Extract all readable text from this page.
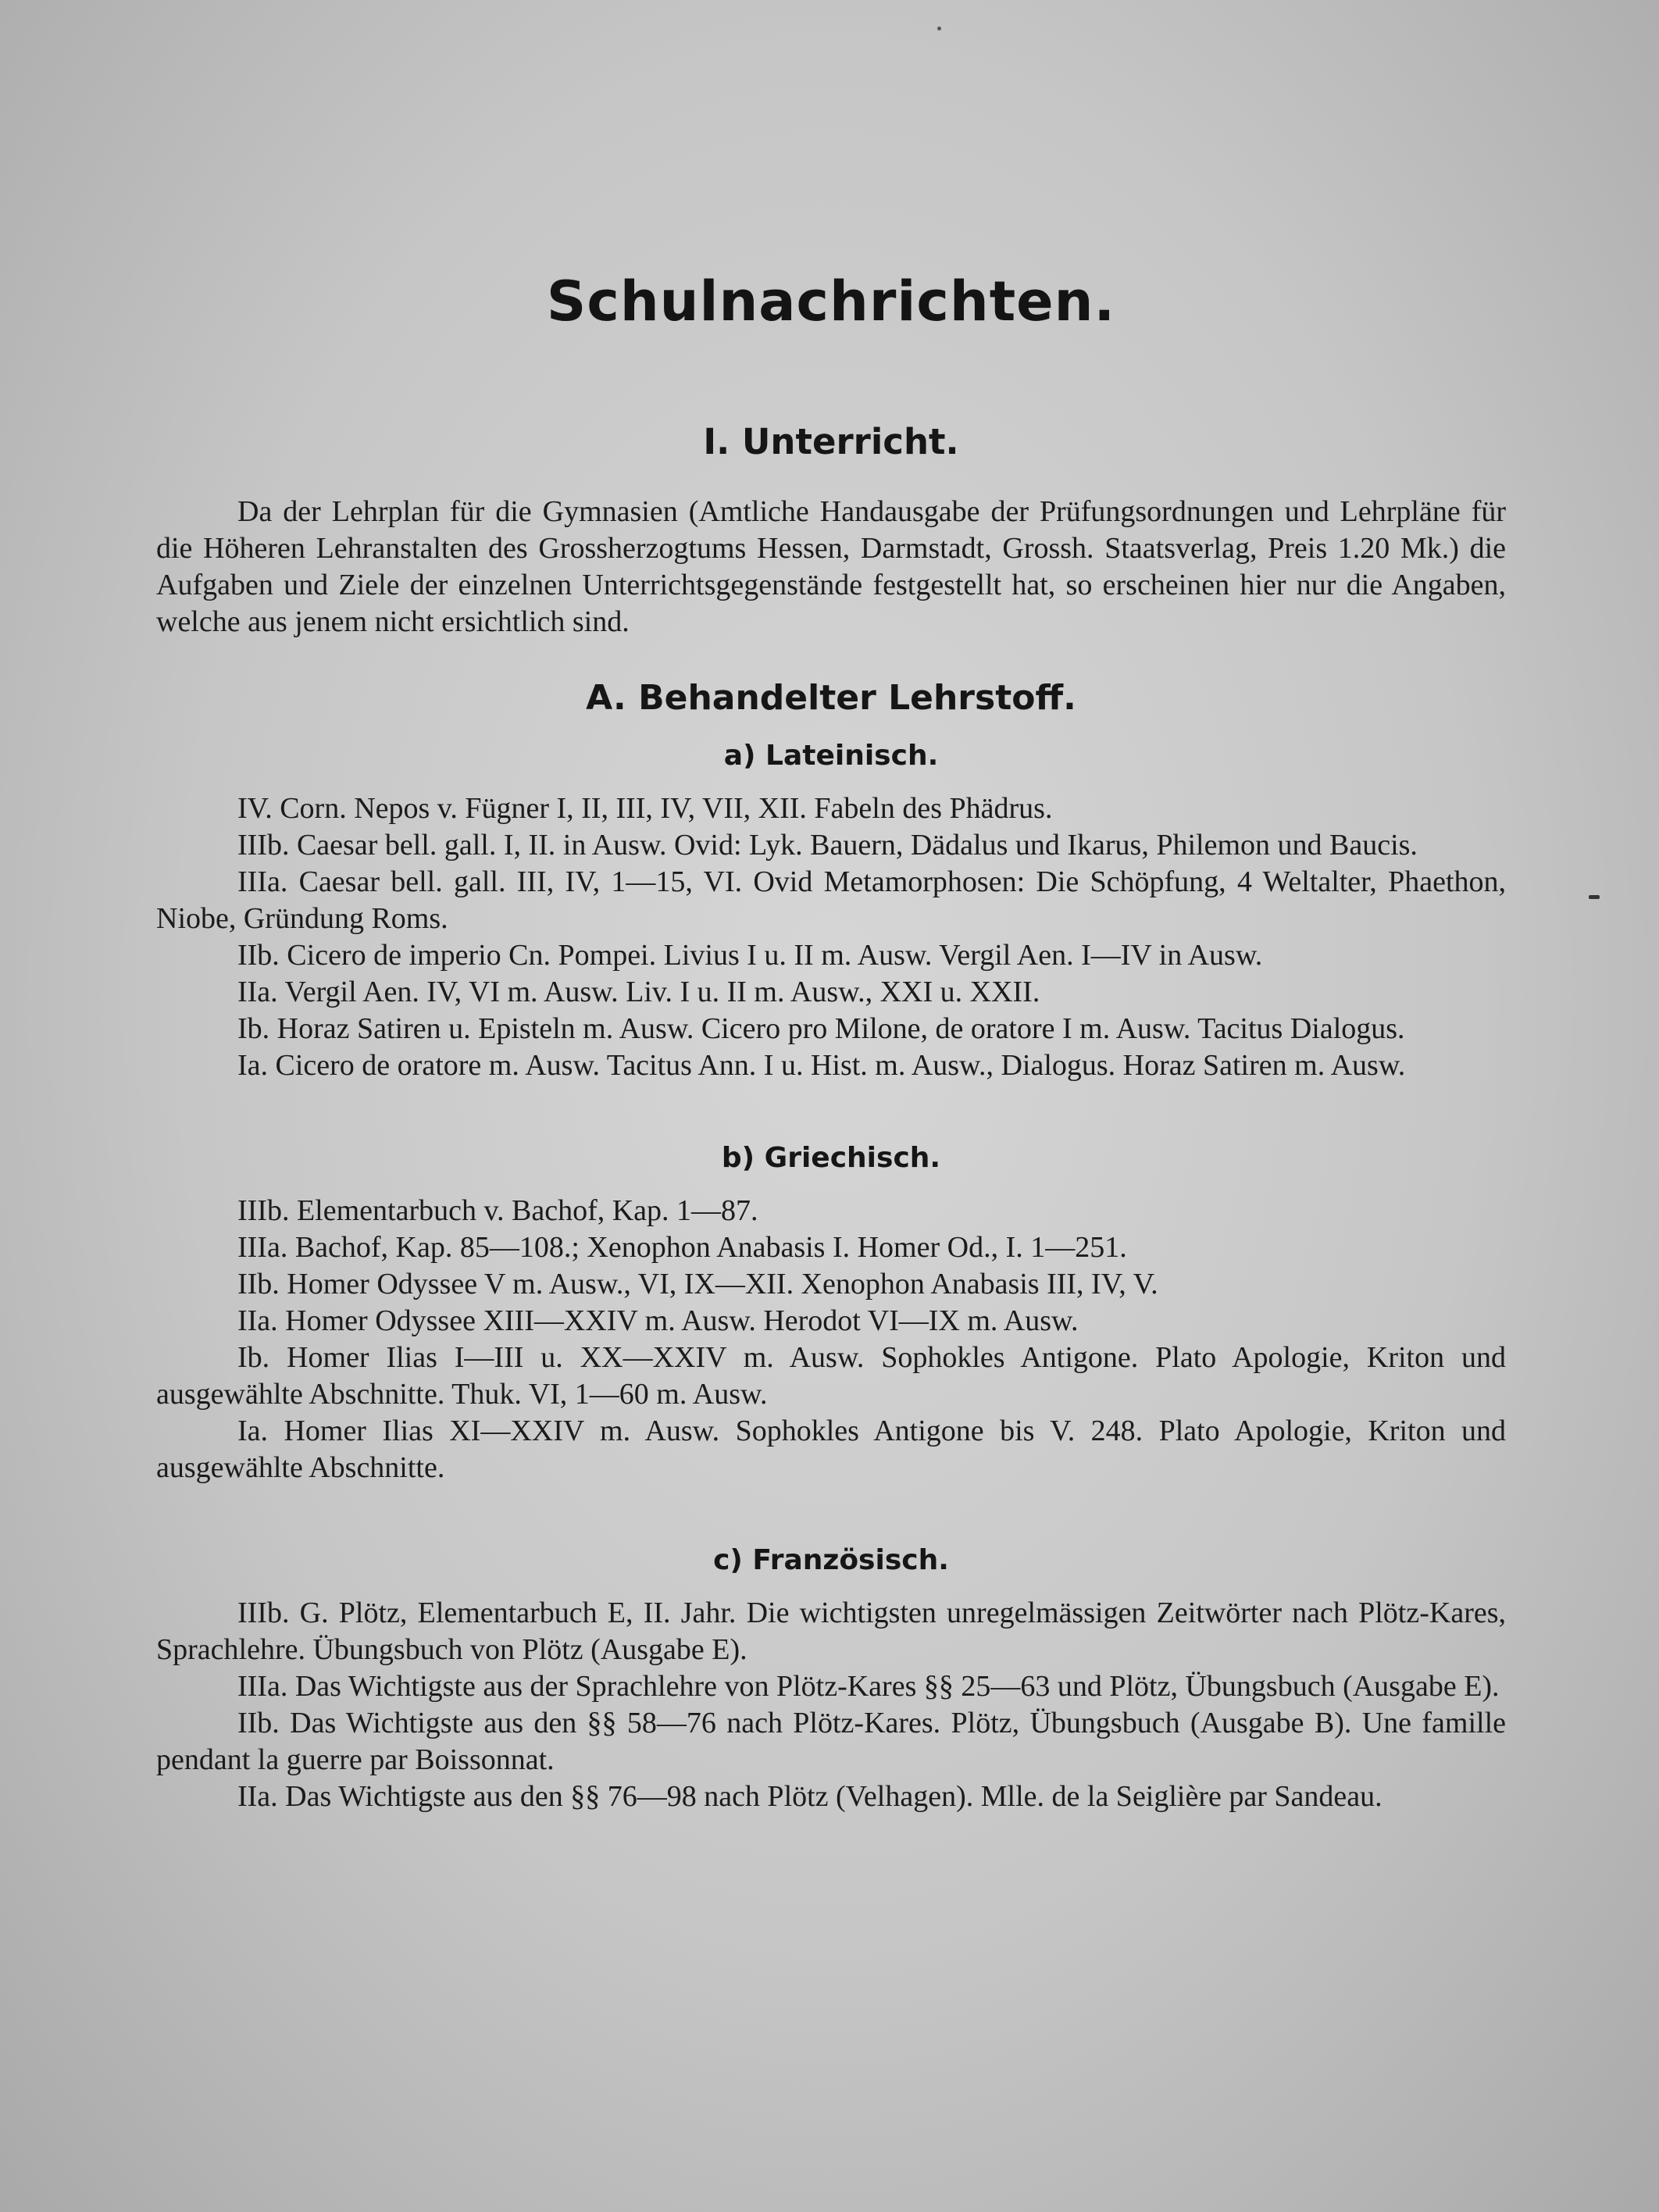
Schulnachrichten.
I. Unterricht.

Da der Lehrplan für die Gymnasien (Amtliche Handausgabe der Prüfungsordnungen und Lehrpläne für die Höheren Lehranstalten des Grossherzogtums Hessen, Darmstadt, Grossh. Staatsverlag, Preis 1.20 Mk.) die Aufgaben und Ziele der einzelnen Unterrichtsgegenstände festgestellt hat, so erscheinen hier nur die Angaben, welche aus jenem nicht ersichtlich sind.

A. Behandelter Lehrstoff.
a) Lateinisch.

IV. Corn. Nepos v. Fügner I, II, III, IV, VII, XII. Fabeln des Phädrus.

IIIb. Caesar bell. gall. I, II. in Ausw. Ovid: Lyk. Bauern, Dädalus und Ikarus, Philemon und Baucis.

IIIa. Caesar bell. gall. III, IV, 1—15, VI. Ovid Metamorphosen: Die Schöpfung, 4 Weltalter, Phaethon, Niobe, Gründung Roms.

IIb. Cicero de imperio Cn. Pompei. Livius I u. II m. Ausw. Vergil Aen. I—IV in Ausw.

IIa. Vergil Aen. IV, VI m. Ausw. Liv. I u. II m. Ausw., XXI u. XXII.

Ib. Horaz Satiren u. Episteln m. Ausw. Cicero pro Milone, de oratore I m. Ausw. Tacitus Dialogus.

Ia. Cicero de oratore m. Ausw. Tacitus Ann. I u. Hist. m. Ausw., Dialogus. Horaz Satiren m. Ausw.

b) Griechisch.

IIIb. Elementarbuch v. Bachof, Kap. 1—87.

IIIa. Bachof, Kap. 85—108.; Xenophon Anabasis I. Homer Od., I. 1—251.

IIb. Homer Odyssee V m. Ausw., VI, IX—XII. Xenophon Anabasis III, IV, V.

IIa. Homer Odyssee XIII—XXIV m. Ausw. Herodot VI—IX m. Ausw.

Ib. Homer Ilias I—III u. XX—XXIV m. Ausw. Sophokles Antigone. Plato Apologie, Kriton und ausgewählte Abschnitte. Thuk. VI, 1—60 m. Ausw.

Ia. Homer Ilias XI—XXIV m. Ausw. Sophokles Antigone bis V. 248. Plato Apologie, Kriton und ausgewählte Abschnitte.

c) Französisch.

IIIb. G. Plötz, Elementarbuch E, II. Jahr. Die wichtigsten unregelmässigen Zeitwörter nach Plötz-Kares, Sprachlehre. Übungsbuch von Plötz (Ausgabe E).

IIIa. Das Wichtigste aus der Sprachlehre von Plötz-Kares §§ 25—63 und Plötz, Übungsbuch (Ausgabe E).

IIb. Das Wichtigste aus den §§ 58—76 nach Plötz-Kares. Plötz, Übungsbuch (Ausgabe B). Une famille pendant la guerre par Boissonnat.

IIa. Das Wichtigste aus den §§ 76—98 nach Plötz (Velhagen). Mlle. de la Seiglière par Sandeau.
